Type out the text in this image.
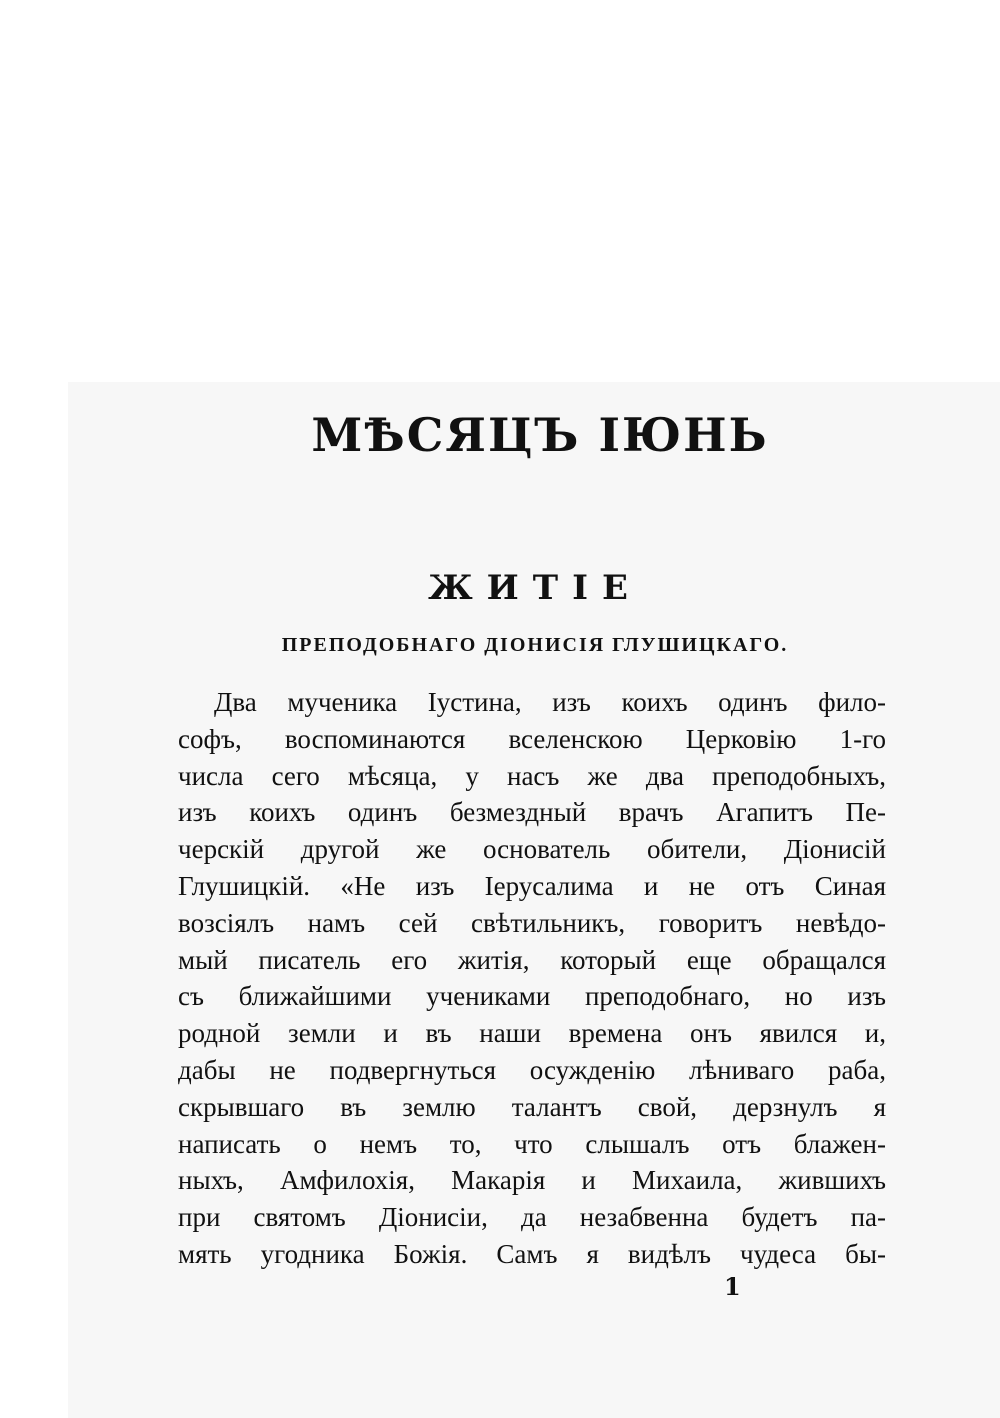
МѢСЯЦЪ ІЮНЬ
ЖИТІЕ
ПРЕПОДОБНАГО ДІОНИСІЯ ГЛУШИЦКАГО.
Два мученика Іустина, изъ коихъ одинъ фило-
софъ, воспоминаются вселенскою Церковію 1-го
числа сего мѣсяца, у насъ же два преподобныхъ,
изъ коихъ одинъ безмездный врачъ Агапитъ Пе-
черскій другой же основатель обители, Діонисій
Глушицкій. «Не изъ Іерусалима и не отъ Синая
возсіялъ намъ сей свѣтильникъ, говоритъ невѣдо-
мый писатель его житія, который еще обращался
съ ближайшими учениками преподобнаго, но изъ
родной земли и въ наши времена онъ явился и,
дабы не подвергнуться осужденію лѣниваго раба,
скрывшаго въ землю талантъ свой, дерзнулъ я
написать о немъ то, что слышалъ отъ блажен-
ныхъ, Амфилохія, Макарія и Михаила, жившихъ
при святомъ Діонисіи, да незабвенна будетъ па-
мять угодника Божія. Самъ я видѣлъ чудеса бы-
1
